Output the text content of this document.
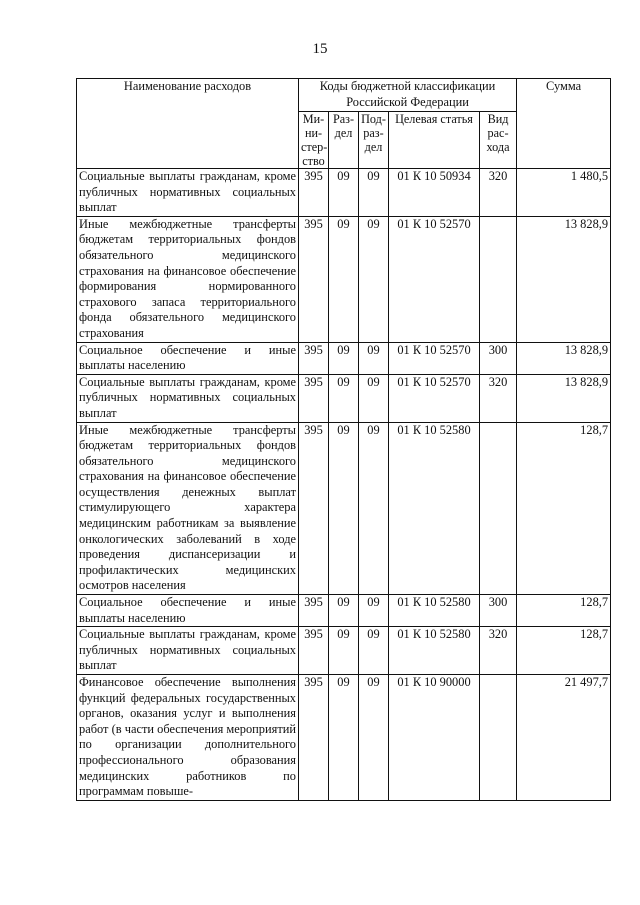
15
Наименование расходов	Коды бюджетной классификации Российской Федерации					Сумма
	Ми- ни- стер- ство	Раз- дел	Под- раз- дел	Целевая статья	Вид рас- хода	
Социальные выплаты гражданам, кроме публичных нормативных социальных выплат	395	09	09	01 К 10 50934	320	1 480,5
Иные межбюджетные трансферты бюджетам территориальных фондов обязательного медицинского страхования на финансовое обеспечение формирования нормированного страхового запаса территориального фонда обязательного медицинского страхования	395	09	09	01 К 10 52570		13 828,9
Социальное обеспечение и иные выплаты населению	395	09	09	01 К 10 52570	300	13 828,9
Социальные выплаты гражданам, кроме публичных нормативных социальных выплат	395	09	09	01 К 10 52570	320	13 828,9
Иные межбюджетные трансферты бюджетам территориальных фондов обязательного медицинского страхования на финансовое обеспечение осуществления денежных выплат стимулирующего характера медицинским работникам за выявление онкологических заболеваний в ходе проведения диспансеризации и профилактических медицинских осмотров населения	395	09	09	01 К 10 52580		128,7
Социальное обеспечение и иные выплаты населению	395	09	09	01 К 10 52580	300	128,7
Социальные выплаты гражданам, кроме публичных нормативных социальных выплат	395	09	09	01 К 10 52580	320	128,7
Финансовое обеспечение выполнения функций федеральных государственных органов, оказания услуг и выполнения работ (в части обеспечения мероприятий по организации дополнительного профессионального образования медицинских работников по программам повыше-	395	09	09	01 К 10 90000		21 497,7
